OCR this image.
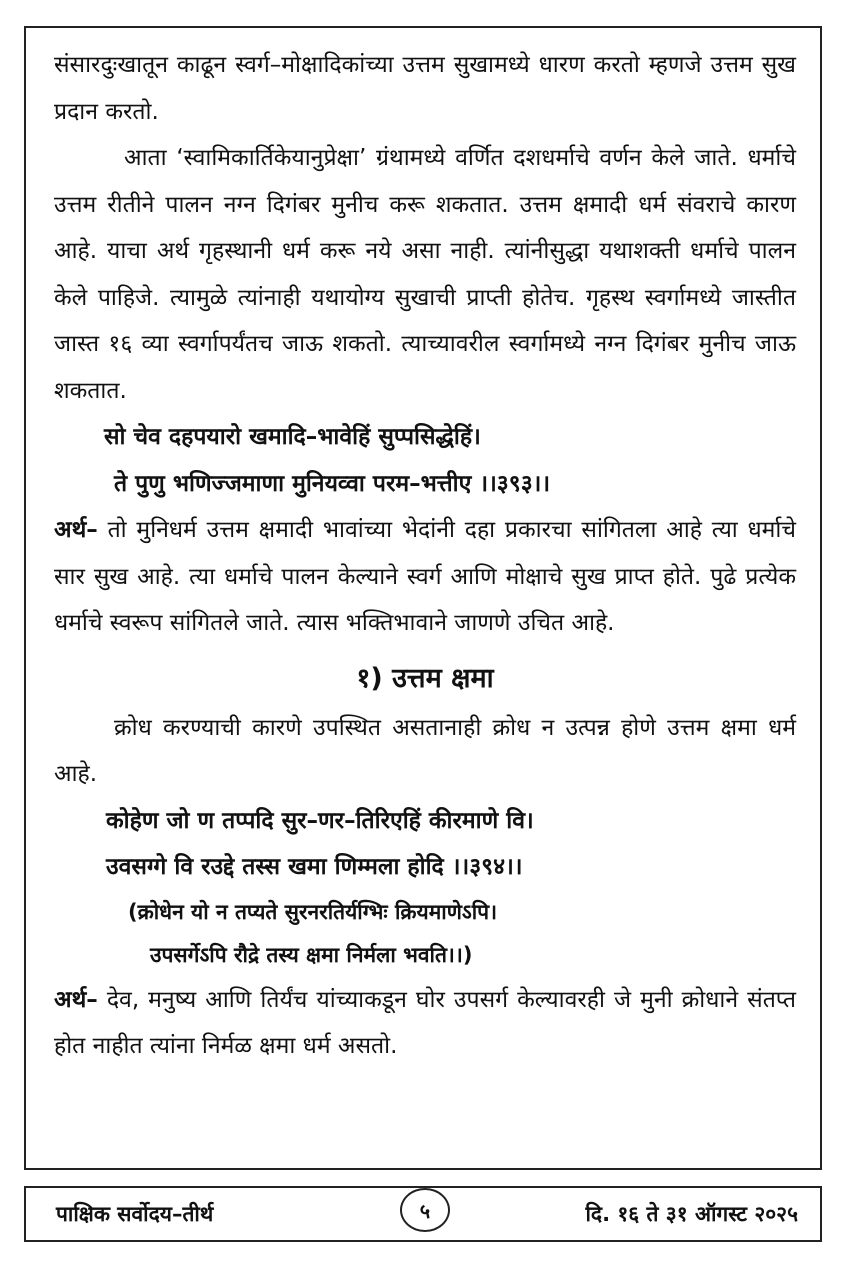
संसारदुःखातून काढून स्वर्ग–मोक्षादिकांच्या उत्तम सुखामध्ये धारण करतो म्हणजे उत्तम सुख प्रदान करतो.

आता ‘स्वामिकार्तिकेयानुप्रेक्षा’ ग्रंथामध्ये वर्णित दशधर्माचे वर्णन केले जाते. धर्माचे उत्तम रीतीने पालन नग्न दिगंबर मुनीच करू शकतात. उत्तम क्षमादी धर्म संवराचे कारण आहे. याचा अर्थ गृहस्थानी धर्म करू नये असा नाही. त्यांनीसुद्धा यथाशक्ती धर्माचे पालन केले पाहिजे. त्यामुळे त्यांनाही यथायोग्य सुखाची प्राप्ती होतेच. गृहस्थ स्वर्गामध्ये जास्तीत जास्त १६ व्या स्वर्गापर्यंतच जाऊ शकतो. त्याच्यावरील स्वर्गामध्ये नग्न दिगंबर मुनीच जाऊ शकतात.

सो चेव दहपयारो खमादि–भावेहिं सुप्पसिद्धेहिं।

ते पुणु भणिज्जमाणा मुनियव्वा परम–भत्तीए ।।३९३।।

अर्थ– तो मुनिधर्म उत्तम क्षमादी भावांच्या भेदांनी दहा प्रकारचा सांगितला आहे त्या धर्माचे सार सुख आहे. त्या धर्माचे पालन केल्याने स्वर्ग आणि मोक्षाचे सुख प्राप्त होते. पुढे प्रत्येक धर्माचे स्वरूप सांगितले जाते. त्यास भक्तिभावाने जाणणे उचित आहे.

१) उत्तम क्षमा

क्रोध करण्याची कारणे उपस्थित असतानाही क्रोध न उत्पन्न होणे उत्तम क्षमा धर्म आहे.

कोहेण जो ण तप्पदि सुर–णर–तिरिएहिं कीरमाणे वि।

उवसग्गे वि रउद्दे तस्स खमा णिम्मला होदि ।।३९४।।

(क्रोधेन यो न तप्यते सुरनरतिर्यग्भिः क्रियमाणेऽपि।

उपसर्गेऽपि रौद्रे तस्य क्षमा निर्मला भवति।।)

अर्थ– देव, मनुष्य आणि तिर्यंच यांच्याकडून घोर उपसर्ग केल्यावरही जे मुनी क्रोधाने संतप्त होत नाहीत त्यांना निर्मळ क्षमा धर्म असतो.

पाक्षिक सर्वोदय–तीर्थ	५	दि. १६ ते ३१ ऑगस्ट २०२५
